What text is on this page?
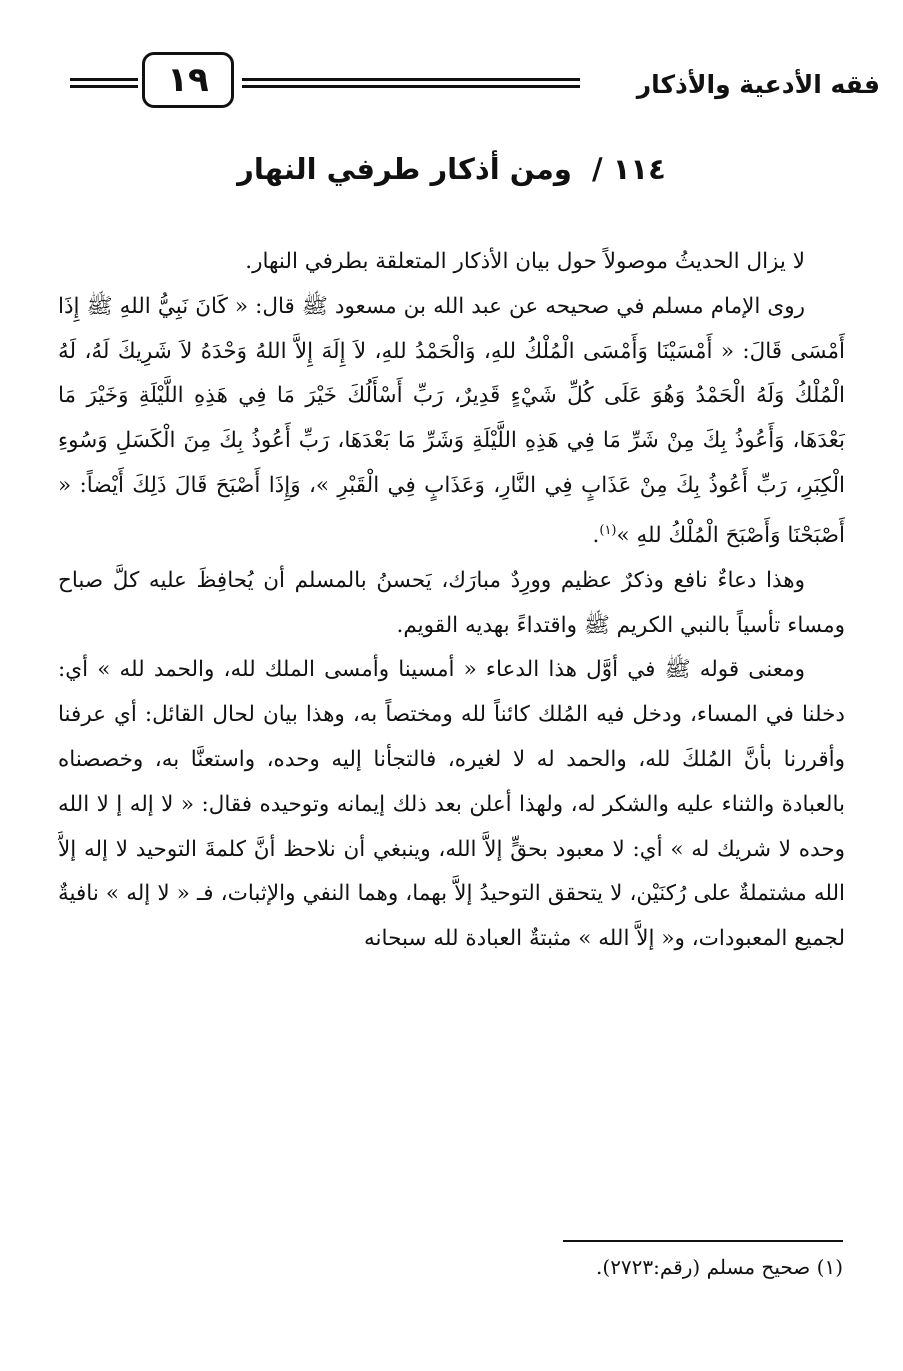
فقه الأدعية والأذكار
١٩
١١٤ / ومن أذكار طرفي النهار

لا يزال الحديثُ موصولاً حول بيان الأذكار المتعلقة بطرفي النهار.

روى الإمام مسلم في صحيحه عن عبد الله بن مسعود ﷺ قال: « كَانَ نَبِيُّ اللهِ ﷺ إِذَا أَمْسَى قَالَ: « أَمْسَيْنَا وَأَمْسَى الْمُلْكُ للهِ، وَالْحَمْدُ للهِ، لاَ إِلَهَ إِلاَّ اللهُ وَحْدَهُ لاَ شَرِيكَ لَهُ، لَهُ الْمُلْكُ وَلَهُ الْحَمْدُ وَهُوَ عَلَى كُلِّ شَيْءٍ قَدِيرٌ، رَبِّ أَسْأَلُكَ خَيْرَ مَا فِي هَذِهِ اللَّيْلَةِ وَخَيْرَ مَا بَعْدَهَا، وَأَعُوذُ بِكَ مِنْ شَرِّ مَا فِي هَذِهِ اللَّيْلَةِ وَشَرِّ مَا بَعْدَهَا، رَبِّ أَعُوذُ بِكَ مِنَ الْكَسَلِ وَسُوءِ الْكِبَرِ، رَبِّ أَعُوذُ بِكَ مِنْ عَذَابٍ فِي النَّارِ، وَعَذَابٍ فِي الْقَبْرِ »، وَإِذَا أَصْبَحَ قَالَ ذَلِكَ أَيْضاً: « أَصْبَحْنَا وَأَصْبَحَ الْمُلْكُ للهِ »$^{(١)}$.

وهذا دعاءٌ نافع وذكرٌ عظيم وورِدٌ مبارَك، يَحسنُ بالمسلم أن يُحافِظَ عليه كلَّ صباح ومساء تأسياً بالنبي الكريم ﷺ واقتداءً بهديه القويم.

ومعنى قوله ﷺ في أوَّل هذا الدعاء « أمسينا وأمسى الملك لله، والحمد لله » أي: دخلنا في المساء، ودخل فيه المُلك كائناً لله ومختصاً به، وهذا بيان لحال القائل: أي عرفنا وأقررنا بأنَّ المُلكَ لله، والحمد له لا لغيره، فالتجأنا إليه وحده، واستعنَّا به، وخصصناه بالعبادة والثناء عليه والشكر له، ولهذا أعلن بعد ذلك إيمانه وتوحيده فقال: « لا إله إ لا الله وحده لا شريك له » أي: لا معبود بحقٍّ إلاَّ الله، وينبغي أن نلاحظ أنَّ كلمةَ التوحيد لا إله إلاَّ الله مشتملةٌ على رُكنَيْن، لا يتحقق التوحيدُ إلاَّ بهما، وهما النفي والإثبات، فـ « لا إله » نافيةٌ لجميع المعبودات، و« إلاَّ الله » مثبتةٌ العبادة لله سبحانه

(١) صحيح مسلم (رقم:٢٧٢٣).
